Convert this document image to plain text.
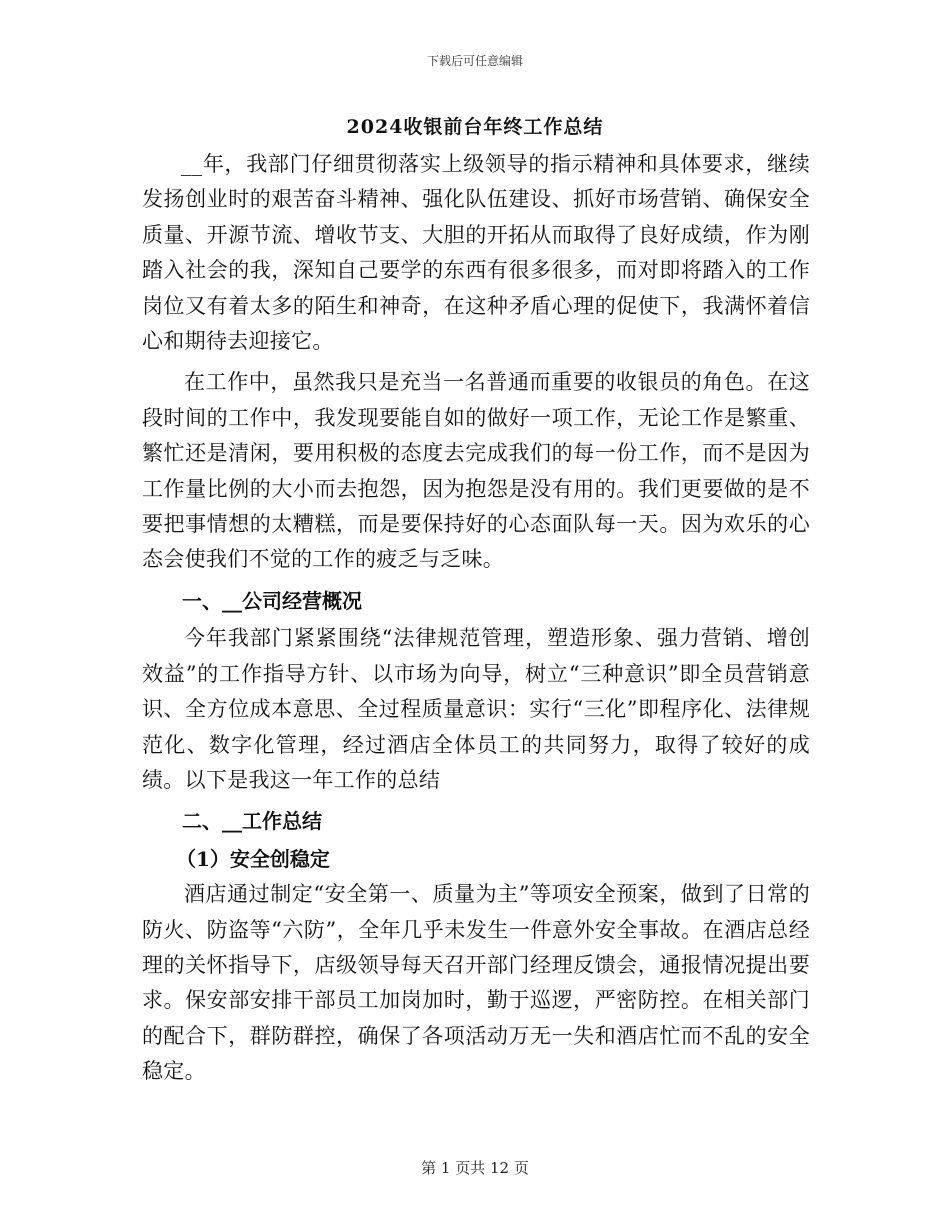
下载后可任意编辑
2024收银前台年终工作总结

__年，我部门仔细贯彻落实上级领导的指示精神和具体要求，继续发扬创业时的艰苦奋斗精神、强化队伍建设、抓好市场营销、确保安全质量、开源节流、增收节支、大胆的开拓从而取得了良好成绩，作为刚踏入社会的我，深知自己要学的东西有很多很多，而对即将踏入的工作岗位又有着太多的陌生和神奇，在这种矛盾心理的促使下，我满怀着信心和期待去迎接它。

在工作中，虽然我只是充当一名普通而重要的收银员的角色。在这段时间的工作中，我发现要能自如的做好一项工作，无论工作是繁重、繁忙还是清闲，要用积极的态度去完成我们的每一份工作，而不是因为工作量比例的大小而去抱怨，因为抱怨是没有用的。我们更要做的是不要把事情想的太糟糕，而是要保持好的心态面队每一天。因为欢乐的心态会使我们不觉的工作的疲乏与乏味。

一、__公司经营概况

今年我部门紧紧围绕“法律规范管理，塑造形象、强力营销、增创效益”的工作指导方针、以市场为向导，树立“三种意识”即全员营销意识、全方位成本意思、全过程质量意识：实行“三化”即程序化、法律规范化、数字化管理，经过酒店全体员工的共同努力，取得了较好的成绩。以下是我这一年工作的总结

二、__工作总结
（1）安全创稳定

酒店通过制定“安全第一、质量为主”等项安全预案，做到了日常的防火、防盗等“六防”，全年几乎未发生一件意外安全事故。在酒店总经理的关怀指导下，店级领导每天召开部门经理反馈会，通报情况提出要求。保安部安排干部员工加岗加时，勤于巡逻，严密防控。在相关部门的配合下，群防群控，确保了各项活动万无一失和酒店忙而不乱的安全稳定。

第 1 页共 12 页
